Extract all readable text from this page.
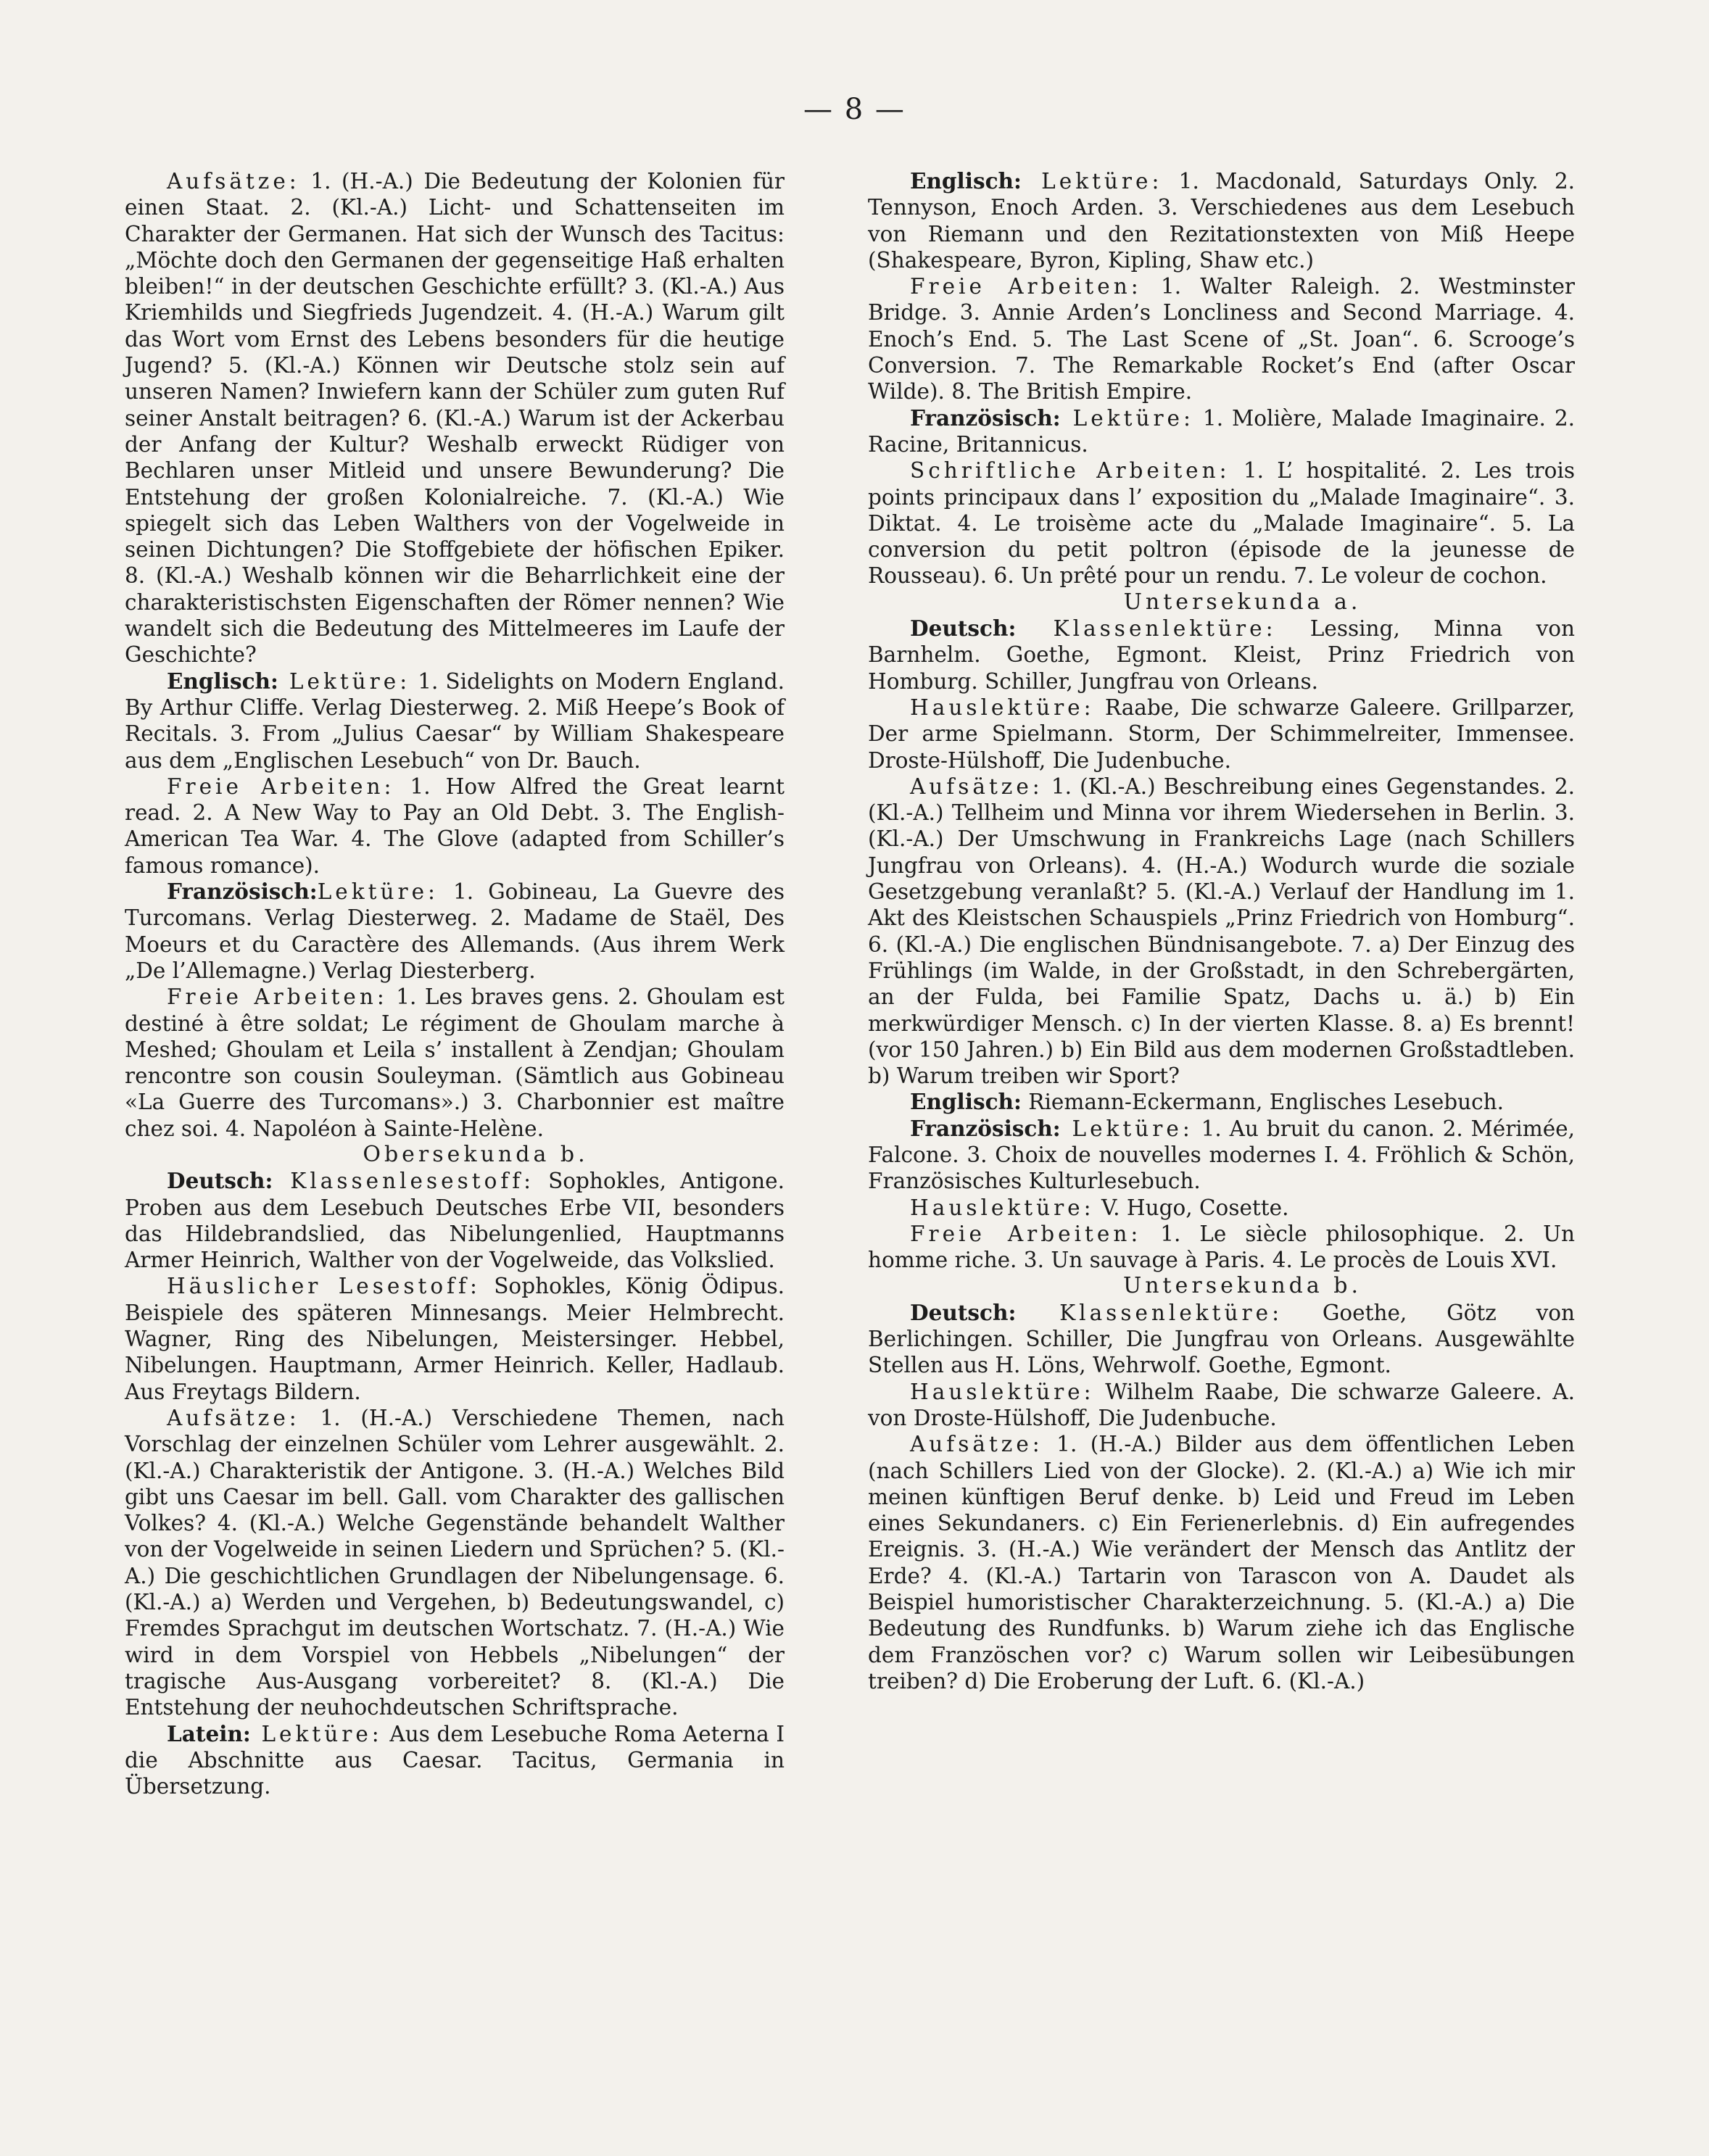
— 8 —

Aufsätze: 1. (H.-A.) Die Bedeutung der Kolonien für einen Staat. 2. (Kl.-A.) Licht- und Schattenseiten im Charakter der Germanen. Hat sich der Wunsch des Tacitus: „Möchte doch den Germanen der gegenseitige Haß erhalten bleiben!“ in der deutschen Geschichte erfüllt? 3. (Kl.-A.) Aus Kriemhilds und Siegfrieds Jugendzeit. 4. (H.-A.) Warum gilt das Wort vom Ernst des Lebens besonders für die heutige Jugend? 5. (Kl.-A.) Können wir Deutsche stolz sein auf unseren Namen? Inwiefern kann der Schüler zum guten Ruf seiner Anstalt beitragen? 6. (Kl.-A.) Warum ist der Ackerbau der Anfang der Kultur? Weshalb erweckt Rüdiger von Bechlaren unser Mitleid und unsere Bewunderung? Die Entstehung der großen Kolonialreiche. 7. (Kl.-A.) Wie spiegelt sich das Leben Walthers von der Vogelweide in seinen Dichtungen? Die Stoffgebiete der höfischen Epiker. 8. (Kl.-A.) Weshalb können wir die Beharrlichkeit eine der charakteristischsten Eigenschaften der Römer nennen? Wie wandelt sich die Bedeutung des Mittelmeeres im Laufe der Geschichte?

Englisch: Lektüre: 1. Sidelights on Modern England. By Arthur Cliffe. Verlag Diesterweg. 2. Miß Heepe’s Book of Recitals. 3. From „Julius Caesar“ by William Shakespeare aus dem „Englischen Lesebuch“ von Dr. Bauch.

Freie Arbeiten: 1. How Alfred the Great learnt read. 2. A New Way to Pay an Old Debt. 3. The English-American Tea War. 4. The Glove (adapted from Schiller’s famous romance).

Französisch:Lektüre: 1. Gobineau, La Guevre des Turcomans. Verlag Diesterweg. 2. Madame de Staël, Des Moeurs et du Caractère des Allemands. (Aus ihrem Werk „De l’Allemagne.) Verlag Diesterberg.

Freie Arbeiten: 1. Les braves gens. 2. Ghoulam est destiné à être soldat; Le régiment de Ghoulam marche à Meshed; Ghoulam et Leila s’ installent à Zendjan; Ghoulam rencontre son cousin Souleyman. (Sämtlich aus Gobineau «La Guerre des Turcomans».) 3. Charbonnier est maître chez soi. 4. Napoléon à Sainte-Helène.

Obersekunda b.

Deutsch: Klassenlesestoff: Sophokles, Antigone. Proben aus dem Lesebuch Deutsches Erbe VII, besonders das Hildebrandslied, das Nibelungenlied, Hauptmanns Armer Heinrich, Walther von der Vogelweide, das Volkslied.

Häuslicher Lesestoff: Sophokles, König Ödipus. Beispiele des späteren Minnesangs. Meier Helmbrecht. Wagner, Ring des Nibelungen, Meistersinger. Hebbel, Nibelungen. Hauptmann, Armer Heinrich. Keller, Hadlaub. Aus Freytags Bildern.

Aufsätze: 1. (H.-A.) Verschiedene Themen, nach Vorschlag der einzelnen Schüler vom Lehrer ausgewählt. 2. (Kl.-A.) Charakteristik der Antigone. 3. (H.-A.) Welches Bild gibt uns Caesar im bell. Gall. vom Charakter des gallischen Volkes? 4. (Kl.-A.) Welche Gegenstände behandelt Walther von der Vogelweide in seinen Liedern und Sprüchen? 5. (Kl.-A.) Die geschichtlichen Grundlagen der Nibelungensage. 6. (Kl.-A.) a) Werden und Vergehen, b) Bedeutungswandel, c) Fremdes Sprachgut im deutschen Wortschatz. 7. (H.-A.) Wie wird in dem Vorspiel von Hebbels „Nibelungen“ der tragische Aus-Ausgang vorbereitet? 8. (Kl.-A.) Die Entstehung der neuhochdeutschen Schriftsprache.

Latein: Lektüre: Aus dem Lesebuche Roma Aeterna I die Abschnitte aus Caesar. Tacitus, Germania in Übersetzung.

Englisch: Lektüre: 1. Macdonald, Saturdays Only. 2. Tennyson, Enoch Arden. 3. Verschiedenes aus dem Lesebuch von Riemann und den Rezitationstexten von Miß Heepe (Shakespeare, Byron, Kipling, Shaw etc.)

Freie Arbeiten: 1. Walter Raleigh. 2. Westminster Bridge. 3. Annie Arden’s Loncliness and Second Marriage. 4. Enoch’s End. 5. The Last Scene of „St. Joan“. 6. Scrooge’s Conversion. 7. The Remarkable Rocket’s End (after Oscar Wilde). 8. The British Empire.

Französisch: Lektüre: 1. Molière, Malade Imaginaire. 2. Racine, Britannicus.

Schriftliche Arbeiten: 1. L’ hospitalité. 2. Les trois points principaux dans l’ exposition du „Malade Imaginaire“. 3. Diktat. 4. Le troisème acte du „Malade Imaginaire“. 5. La conversion du petit poltron (épisode de la jeunesse de Rousseau). 6. Un prêté pour un rendu. 7. Le voleur de cochon.

Untersekunda a.

Deutsch: Klassenlektüre: Lessing, Minna von Barnhelm. Goethe, Egmont. Kleist, Prinz Friedrich von Homburg. Schiller, Jungfrau von Orleans.

Hauslektüre: Raabe, Die schwarze Galeere. Grillparzer, Der arme Spielmann. Storm, Der Schimmelreiter, Immensee. Droste-Hülshoff, Die Judenbuche.

Aufsätze: 1. (Kl.-A.) Beschreibung eines Gegenstandes. 2. (Kl.-A.) Tellheim und Minna vor ihrem Wiedersehen in Berlin. 3. (Kl.-A.) Der Umschwung in Frankreichs Lage (nach Schillers Jungfrau von Orleans). 4. (H.-A.) Wodurch wurde die soziale Gesetzgebung veranlaßt? 5. (Kl.-A.) Verlauf der Handlung im 1. Akt des Kleistschen Schauspiels „Prinz Friedrich von Homburg“. 6. (Kl.-A.) Die englischen Bündnisangebote. 7. a) Der Einzug des Frühlings (im Walde, in der Großstadt, in den Schrebergärten, an der Fulda, bei Familie Spatz, Dachs u. ä.) b) Ein merkwürdiger Mensch. c) In der vierten Klasse. 8. a) Es brennt! (vor 150 Jahren.) b) Ein Bild aus dem modernen Großstadtleben. b) Warum treiben wir Sport?

Englisch: Riemann-Eckermann, Englisches Lesebuch.

Französisch: Lektüre: 1. Au bruit du canon. 2. Mérimée, Falcone. 3. Choix de nouvelles modernes I. 4. Fröhlich & Schön, Französisches Kulturlesebuch.

Hauslektüre: V. Hugo, Cosette.

Freie Arbeiten: 1. Le siècle philosophique. 2. Un homme riche. 3. Un sauvage à Paris. 4. Le procès de Louis XVI.

Untersekunda b.

Deutsch: Klassenlektüre: Goethe, Götz von Berlichingen. Schiller, Die Jungfrau von Orleans. Ausgewählte Stellen aus H. Löns, Wehrwolf. Goethe, Egmont.

Hauslektüre: Wilhelm Raabe, Die schwarze Galeere. A. von Droste-Hülshoff, Die Judenbuche.

Aufsätze: 1. (H.-A.) Bilder aus dem öffentlichen Leben (nach Schillers Lied von der Glocke). 2. (Kl.-A.) a) Wie ich mir meinen künftigen Beruf denke. b) Leid und Freud im Leben eines Sekundaners. c) Ein Ferienerlebnis. d) Ein aufregendes Ereignis. 3. (H.-A.) Wie verändert der Mensch das Antlitz der Erde? 4. (Kl.-A.) Tartarin von Tarascon von A. Daudet als Beispiel humoristischer Charakterzeichnung. 5. (Kl.-A.) a) Die Bedeutung des Rundfunks. b) Warum ziehe ich das Englische dem Französchen vor? c) Warum sollen wir Leibesübungen treiben? d) Die Eroberung der Luft. 6. (Kl.-A.)
